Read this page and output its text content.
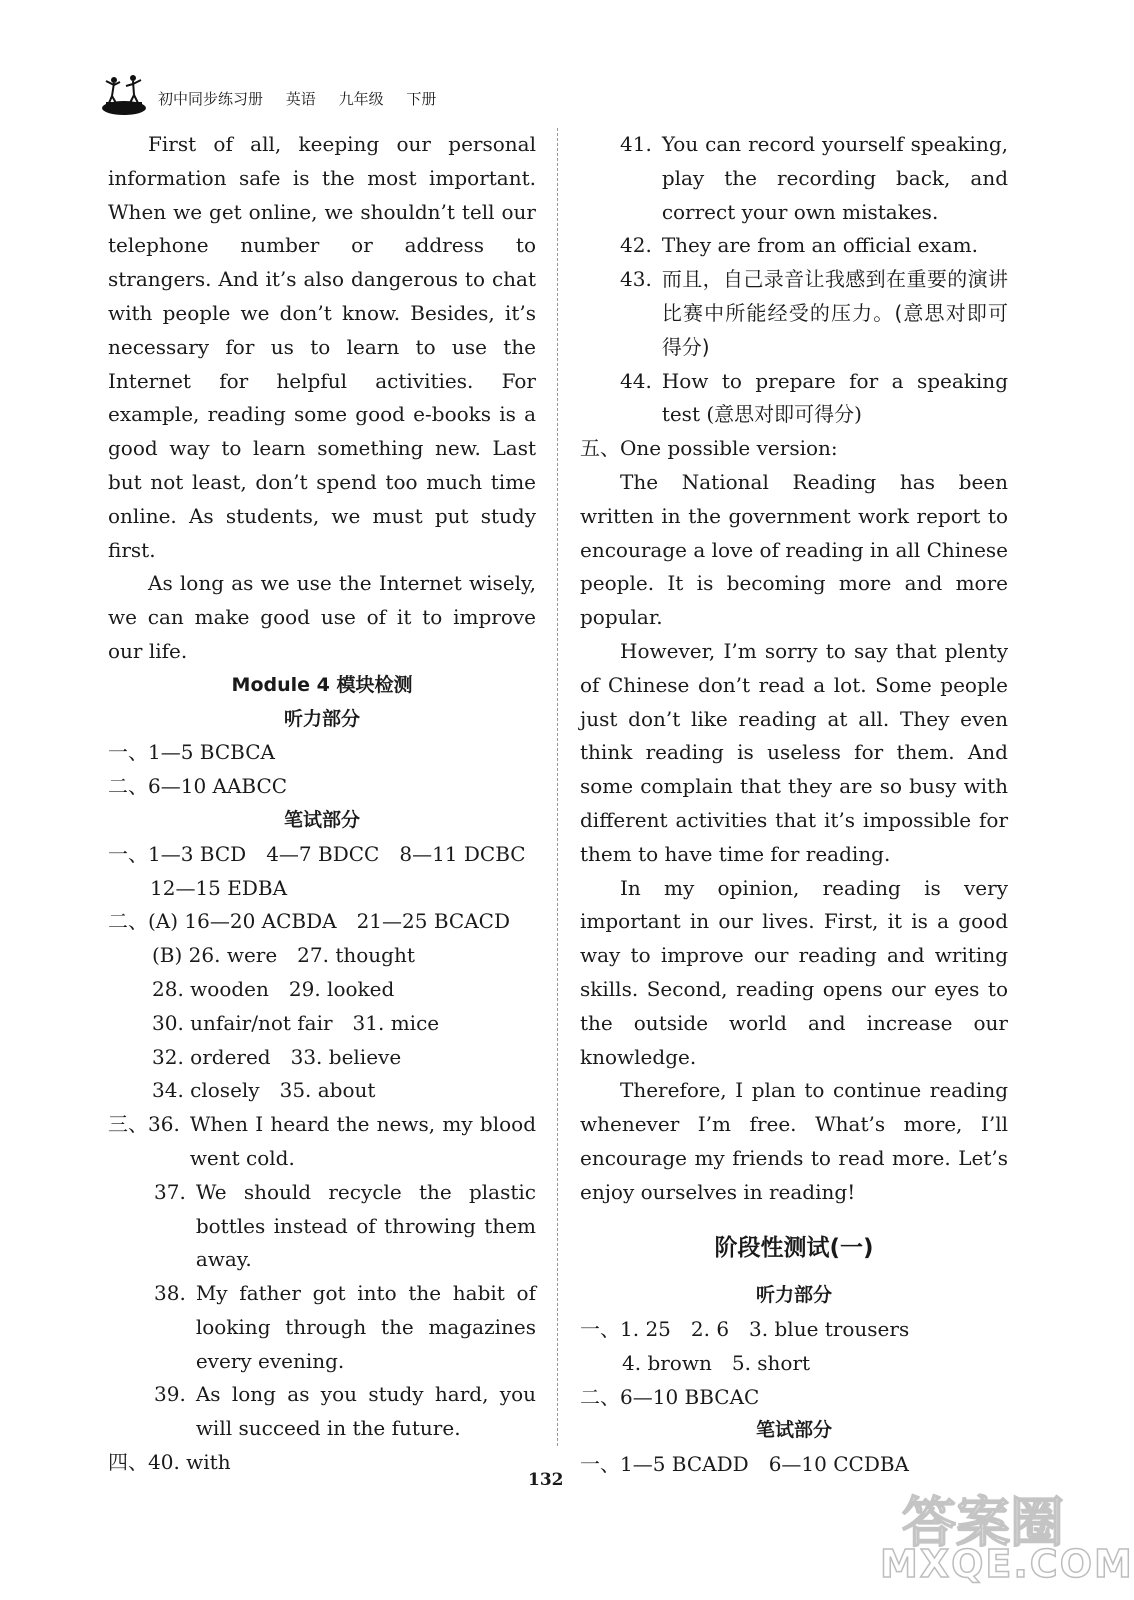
初中同步练习册 英语 九年级 下册

First of all, keeping our personal information safe is the most important. When we get online, we shouldn’t tell our telephone number or address to strangers. And it’s also dangerous to chat with people we don’t know. Besides, it’s necessary for us to learn to use the Internet for helpful activities. For example, reading some good e-books is a good way to learn something new. Last but not least, don’t spend too much time online. As students, we must put study first.

As long as we use the Internet wisely, we can make good use of it to improve our life.

Module 4 模块检测
听力部分
一、1—5 BCBCA
二、6—10 AABCC
笔试部分
一、1—3 BCD　4—7 BDCC　8—11 DCBC
12—15 EDBA
二、(A) 16—20 ACBDA　21—25 BCACD
(B) 26. were　27. thought
28. wooden　29. looked
30. unfair/not fair　31. mice
32. ordered　33. believe
34. closely　35. about
三、 36. When I heard the news, my blood went cold.
37. We should recycle the plastic bottles instead of throwing them away.
38. My father got into the habit of looking through the magazines every evening.
39. As long as you study hard, you will succeed in the future.
四、40. with
41. You can record yourself speaking, play the recording back, and correct your own mistakes.
42. They are from an official exam.
43. 而且，自己录音让我感到在重要的演讲比赛中所能经受的压力。(意思对即可得分)
44. How to prepare for a speaking test (意思对即可得分)
五、One possible version:

The National Reading has been written in the government work report to encourage a love of reading in all Chinese people. It is becoming more and more popular.

However, I’m sorry to say that plenty of Chinese don’t read a lot. Some people just don’t like reading at all. They even think reading is useless for them. And some complain that they are so busy with different activities that it’s impossible for them to have time for reading.

In my opinion, reading is very important in our lives. First, it is a good way to improve our reading and writing skills. Second, reading opens our eyes to the outside world and increase our knowledge.

Therefore, I plan to continue reading whenever I’m free. What’s more, I’ll encourage my friends to read more. Let’s enjoy ourselves in reading!

阶段性测试(一)
听力部分
一、1. 25　2. 6　3. blue trousers
4. brown　5. short
二、6—10 BBCAC
笔试部分
一、1—5 BCADD　6—10 CCDBA
132
答案圈
MXQE.COM
